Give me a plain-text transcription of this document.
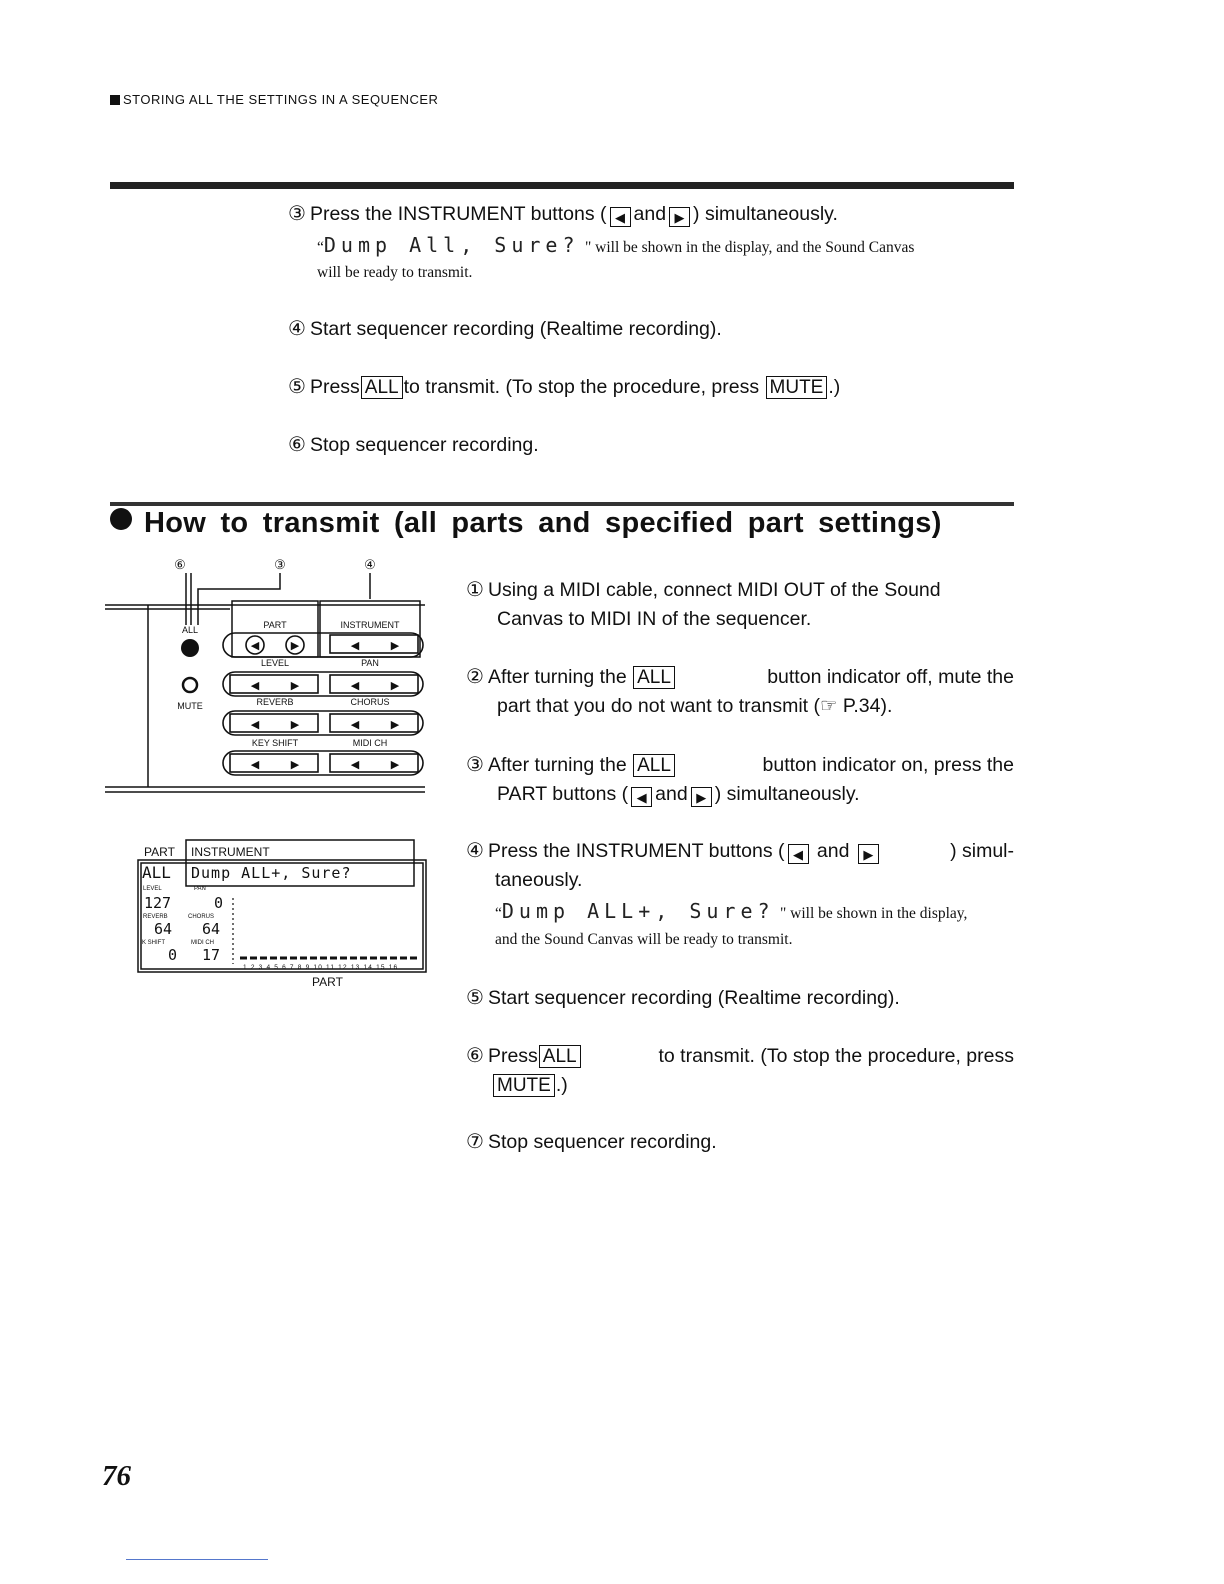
STORING ALL THE SETTINGS IN A SEQUENCER
③ Press the INSTRUMENT buttons ( ◀ and ▶ ) simultaneously.
“Dump All, Sure? " will be shown in the display, and the Sound Canvas
will be ready to transmit.
④ Start sequencer recording (Realtime recording).
⑤ Press ALL to transmit. (To stop the procedure, press MUTE .)
⑥ Stop sequencer recording.
How to transmit (all parts and specified part settings)
⑥	③	④
ALL
MUTE
PART	INSTRUMENT
LEVEL	PAN
REVERB	CHORUS
KEY SHIFT	MIDI CH
◀	▶	◀	▶
◀	▶	◀	▶
◀	▶	◀	▶
◀	▶	◀	▶
PART INSTRUMENT
ALL Dump ALL+, Sure?
LEVEL	PAN
127	0
REVERB	CHORUS
64 64
K SHIFT	MIDI CH
0 17
1 2 3 4 5 6 7 8 9 10 11 12 13 14 15 16
PART
① Using a MIDI cable, connect MIDI OUT of the Sound
Canvas to MIDI IN of the sequencer.
② After turning the ALL	button indicator off, mute the
part that you do not want to transmit (☞ P.34).
③ After turning the ALL	button indicator on, press the
PART buttons ( ◀ and ▶ ) simultaneously.
④ Press the INSTRUMENT buttons ( ◀ and ▶	) simul-
taneously.
“Dump ALL+, Sure? " will be shown in the display,
and the Sound Canvas will be ready to transmit.
⑤ Start sequencer recording (Realtime recording).
⑥ Press ALL	to transmit. (To stop the procedure, press
MUTE .)
⑦ Stop sequencer recording.
76
